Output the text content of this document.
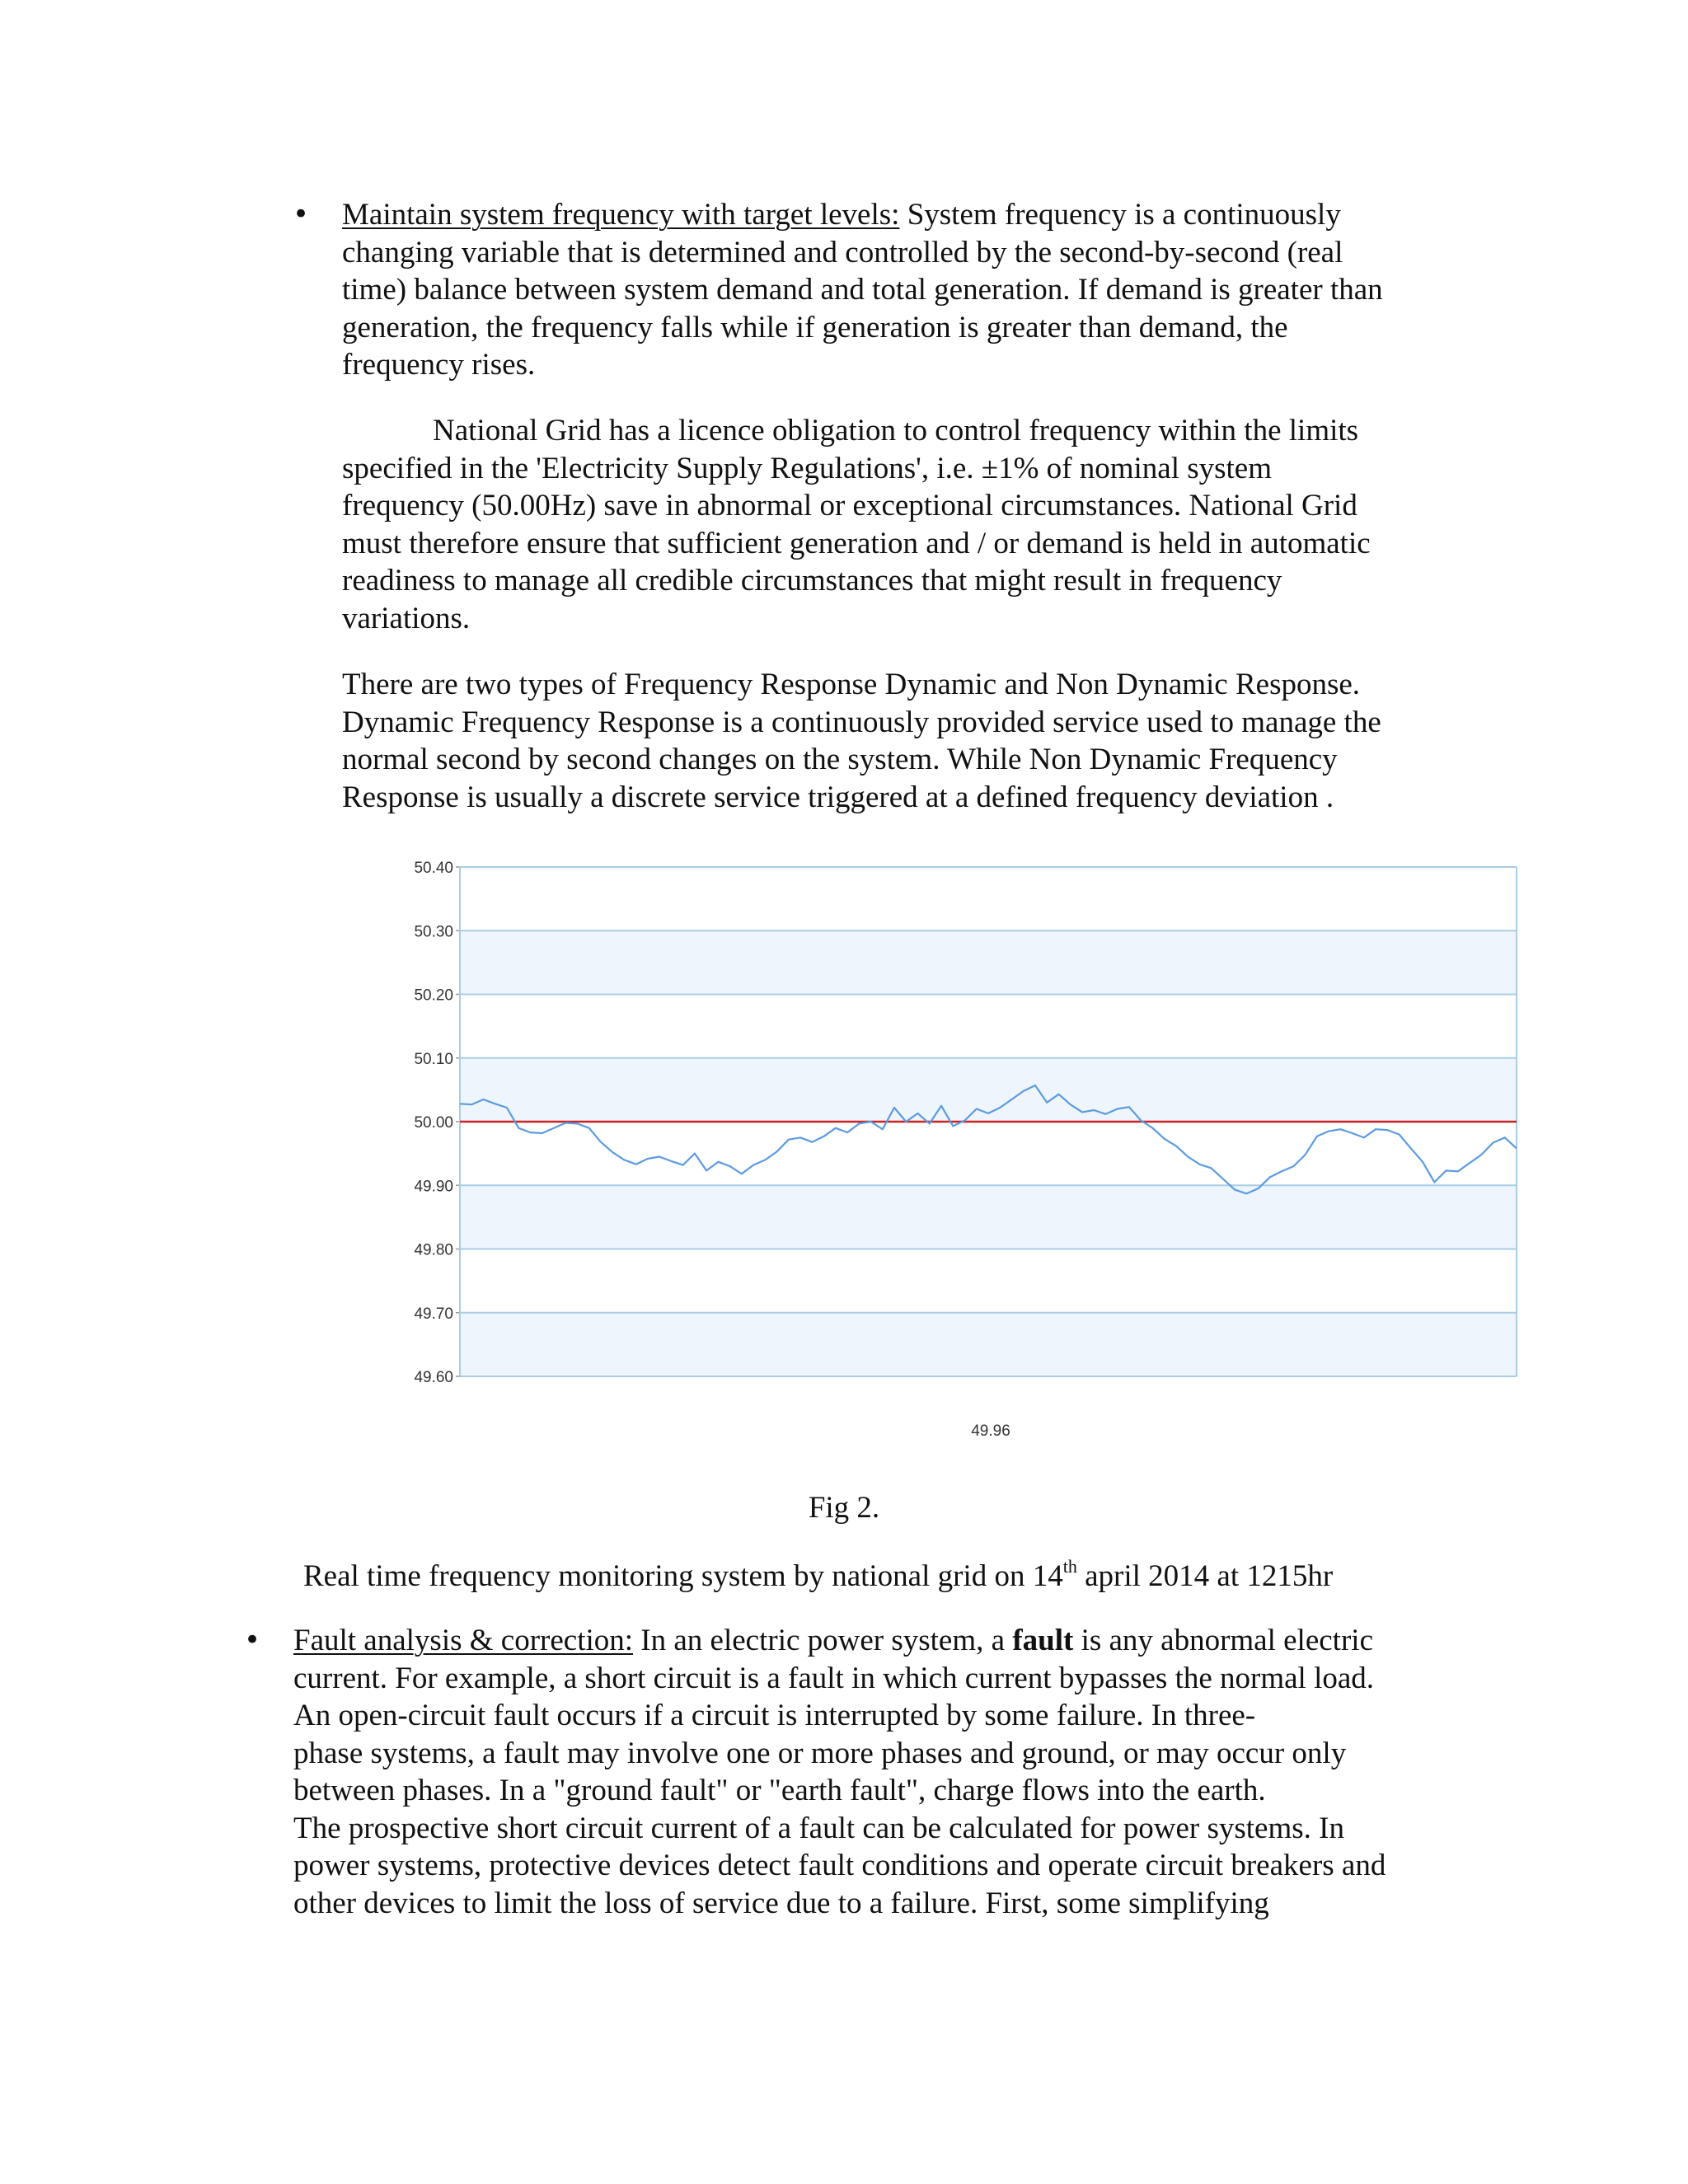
• Maintain system frequency with target levels: System frequency is a continuously
changing variable that is determined and controlled by the second-by-second (real
time) balance between system demand and total generation. If demand is greater than
generation, the frequency falls while if generation is greater than demand, the
frequency rises.
National Grid has a licence obligation to control frequency within the limits
specified in the 'Electricity Supply Regulations', i.e. ±1% of nominal system
frequency (50.00Hz) save in abnormal or exceptional circumstances. National Grid
must therefore ensure that sufficient generation and / or demand is held in automatic
readiness to manage all credible circumstances that might result in frequency
variations.
There are two types of Frequency Response Dynamic and Non Dynamic Response.
Dynamic Frequency Response is a continuously provided service used to manage the
normal second by second changes on the system. While Non Dynamic Frequency
Response is usually a discrete service triggered at a defined frequency deviation .
50.40
50.30
50.20
50.10
50.00
49.90
49.80
49.70
49.60
49.96
Fig 2.
Real time frequency monitoring system by national grid on 14th april 2014 at 1215hr
• Fault analysis & correction: In an electric power system, a fault is any abnormal electric
current. For example, a short circuit is a fault in which current bypasses the normal load.
An open-circuit fault occurs if a circuit is interrupted by some failure. In three-
phase systems, a fault may involve one or more phases and ground, or may occur only
between phases. In a "ground fault" or "earth fault", charge flows into the earth.
The prospective short circuit current of a fault can be calculated for power systems. In
power systems, protective devices detect fault conditions and operate circuit breakers and
other devices to limit the loss of service due to a failure. First, some simplifying
